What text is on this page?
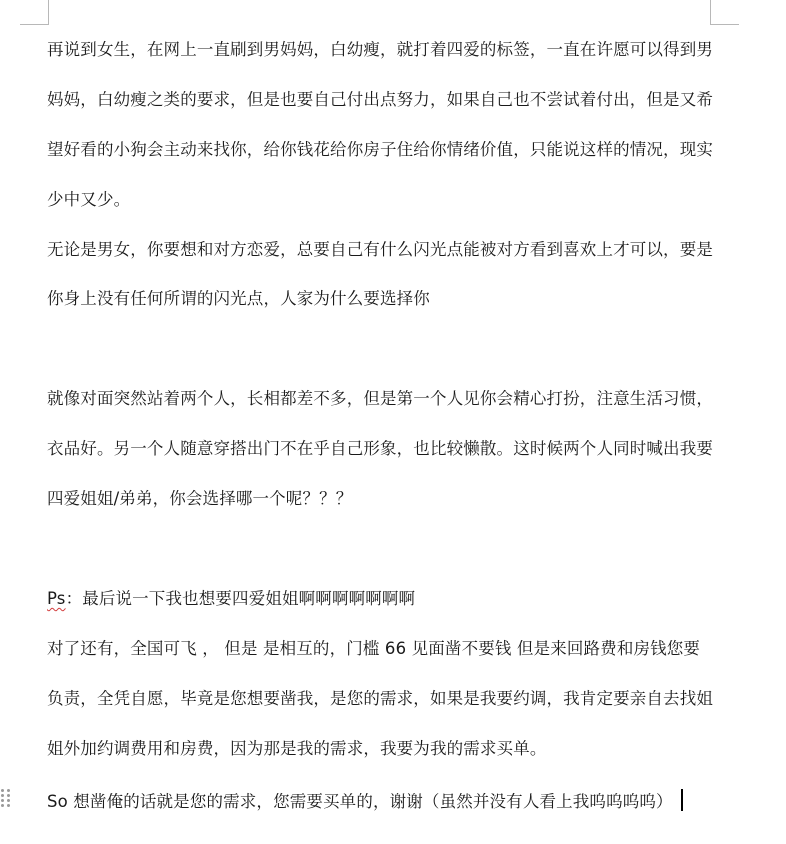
再说到女生，在网上一直刷到男妈妈，白幼瘦，就打着四爱的标签，一直在许愿可以得到男
妈妈，白幼瘦之类的要求，但是也要自己付出点努力，如果自己也不尝试着付出，但是又希
望好看的小狗会主动来找你，给你钱花给你房子住给你情绪价值，只能说这样的情况，现实
少中又少。
无论是男女，你要想和对方恋爱，总要自己有什么闪光点能被对方看到喜欢上才可以，要是
你身上没有任何所谓的闪光点，人家为什么要选择你
就像对面突然站着两个人，长相都差不多，但是第一个人见你会精心打扮，注意生活习惯，
衣品好。另一个人随意穿搭出门不在乎自己形象，也比较懒散。这时候两个人同时喊出我要
四爱姐姐/弟弟，你会选择哪一个呢？？？
Ps：最后说一下我也想要四爱姐姐啊啊啊啊啊啊啊
对了还有，全国可飞 ， 但是 是相互的，门槛 66 见面凿不要钱 但是来回路费和房钱您要
负责，全凭自愿，毕竟是您想要凿我，是您的需求，如果是我要约调，我肯定要亲自去找姐
姐外加约调费用和房费，因为那是我的需求，我要为我的需求买单。
So 想凿俺的话就是您的需求，您需要买单的，谢谢（虽然并没有人看上我呜呜呜呜）
